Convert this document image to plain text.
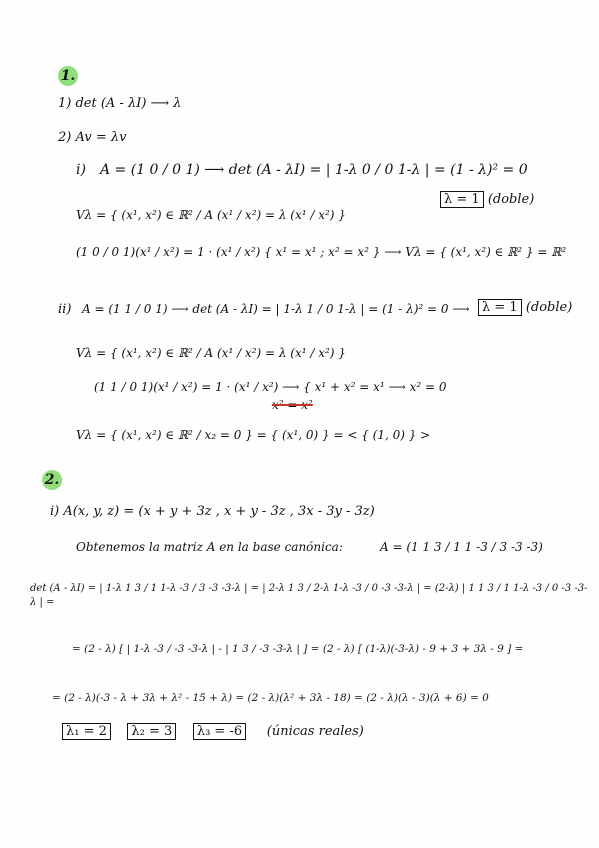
1.
1) det (A - λI) ⟶ λ
2) Av = λv
i) A = (1 0 / 0 1) ⟶ det (A - λI) = | 1-λ 0 / 0 1-λ | = (1 - λ)² = 0
λ = 1 (doble)
Vλ = { (x¹, x²) ∈ ℝ² / A (x¹ / x²) = λ (x¹ / x²) }
(1 0 / 0 1)(x¹ / x²) = 1 · (x¹ / x²) { x¹ = x¹ ; x² = x² } ⟶ Vλ = { (x¹, x²) ∈ ℝ² } = ℝ²
ii) A = (1 1 / 0 1) ⟶ det (A - λI) = | 1-λ 1 / 0 1-λ | = (1 - λ)² = 0 ⟶ λ = 1 (doble)
Vλ = { (x¹, x²) ∈ ℝ² / A (x¹ / x²) = λ (x¹ / x²) }
(1 1 / 0 1)(x¹ / x²) = 1 · (x¹ / x²) ⟶ { x¹ + x² = x¹ ⟶ x² = 0
x² = x²
Vλ = { (x¹, x²) ∈ ℝ² / x₂ = 0 } = { (x¹, 0) } = < { (1, 0) } >
2.
i) A(x, y, z) = (x + y + 3z , x + y - 3z , 3x - 3y - 3z)
Obtenemos la matriz A en la base canónica:	A = (1 1 3 / 1 1 -3 / 3 -3 -3)
det (A - λI) = | 1-λ 1 3 / 1 1-λ -3 / 3 -3 -3-λ | = | 2-λ 1 3 / 2-λ 1-λ -3 / 0 -3 -3-λ | = (2-λ) | 1 1 3 / 1 1-λ -3 / 0 -3 -3-λ | =
= (2 - λ) [ | 1-λ -3 / -3 -3-λ | - | 1 3 / -3 -3-λ | ] = (2 - λ) [ (1-λ)(-3-λ) - 9 + 3 + 3λ - 9 ] =
= (2 - λ)(-3 - λ + 3λ + λ² - 15 + λ) = (2 - λ)(λ² + 3λ - 18) = (2 - λ)(λ - 3)(λ + 6) = 0
λ₁ = 2 λ₂ = 3 λ₃ = -6 (únicas reales)
